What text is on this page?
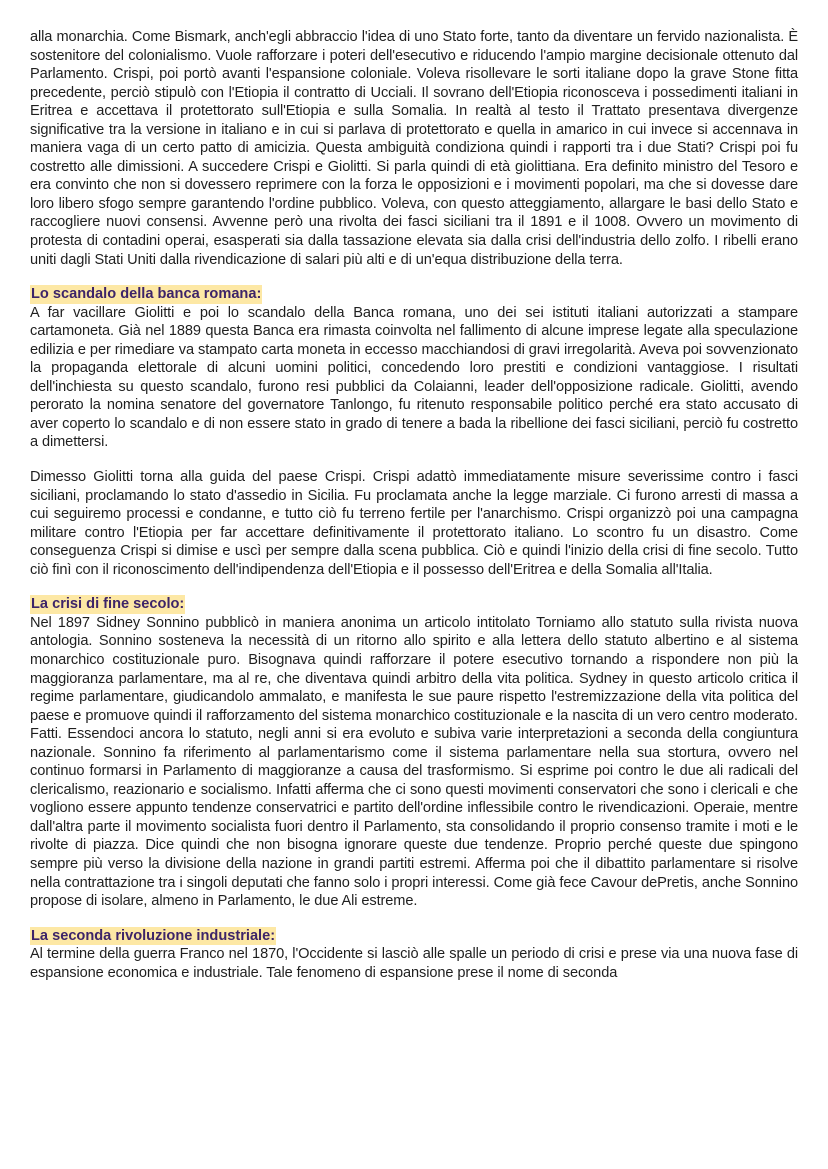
alla monarchia. Come Bismark, anch'egli abbraccio l'idea di uno Stato forte, tanto da diventare un fervido nazionalista. È sostenitore del colonialismo. Vuole rafforzare i poteri dell'esecutivo e riducendo l'ampio margine decisionale ottenuto dal Parlamento. Crispi, poi portò avanti l'espansione coloniale. Voleva risollevare le sorti italiane dopo la grave Stone fitta precedente, perciò stipulò con l'Etiopia il contratto di Ucciali. Il sovrano dell'Etiopia riconosceva i possedimenti italiani in Eritrea e accettava il protettorato sull'Etiopia e sulla Somalia. In realtà al testo il Trattato presentava divergenze significative tra la versione in italiano e in cui si parlava di protettorato e quella in amarico in cui invece si accennava in maniera vaga di un certo patto di amicizia. Questa ambiguità condiziona quindi i rapporti tra i due Stati? Crispi poi fu costretto alle dimissioni. A succedere Crispi e Giolitti. Si parla quindi di età giolittiana. Era definito ministro del Tesoro e era convinto che non si dovessero reprimere con la forza le opposizioni e i movimenti popolari, ma che si dovesse dare loro libero sfogo sempre garantendo l'ordine pubblico. Voleva, con questo atteggiamento, allargare le basi dello Stato e raccogliere nuovi consensi. Avvenne però una rivolta dei fasci siciliani tra il 1891 e il 1008. Ovvero un movimento di protesta di contadini operai, esasperati sia dalla tassazione elevata sia dalla crisi dell'industria dello zolfo. I ribelli erano uniti dagli Stati Uniti dalla rivendicazione di salari più alti e di un'equa distribuzione della terra.

Lo scandalo della banca romana:

A far vacillare Giolitti e poi lo scandalo della Banca romana, uno dei sei istituti italiani autorizzati a stampare cartamoneta. Già nel 1889 questa Banca era rimasta coinvolta nel fallimento di alcune imprese legate alla speculazione edilizia e per rimediare va stampato carta moneta in eccesso macchiandosi di gravi irregolarità. Aveva poi sovvenzionato la propaganda elettorale di alcuni uomini politici, concedendo loro prestiti e condizioni vantaggiose. I risultati dell'inchiesta su questo scandalo, furono resi pubblici da Colaianni, leader dell'opposizione radicale. Giolitti, avendo perorato la nomina senatore del governatore Tanlongo, fu ritenuto responsabile politico perché era stato accusato di aver coperto lo scandalo e di non essere stato in grado di tenere a bada la ribellione dei fasci siciliani, perciò fu costretto a dimettersi.

Dimesso Giolitti torna alla guida del paese Crispi. Crispi adattò immediatamente misure severissime contro i fasci siciliani, proclamando lo stato d'assedio in Sicilia. Fu proclamata anche la legge marziale. Ci furono arresti di massa a cui seguiremo processi e condanne, e tutto ciò fu terreno fertile per l'anarchismo. Crispi organizzò poi una campagna militare contro l'Etiopia per far accettare definitivamente il protettorato italiano. Lo scontro fu un disastro. Come conseguenza Crispi si dimise e uscì per sempre dalla scena pubblica. Ciò e quindi l'inizio della crisi di fine secolo. Tutto ciò finì con il riconoscimento dell'indipendenza dell'Etiopia e il possesso dell'Eritrea e della Somalia all'Italia.

La crisi di fine secolo:

Nel 1897 Sidney Sonnino pubblicò in maniera anonima un articolo intitolato Torniamo allo statuto sulla rivista nuova antologia. Sonnino sosteneva la necessità di un ritorno allo spirito e alla lettera dello statuto albertino e al sistema monarchico costituzionale puro. Bisognava quindi rafforzare il potere esecutivo tornando a rispondere non più la maggioranza parlamentare, ma al re, che diventava quindi arbitro della vita politica. Sydney in questo articolo critica il regime parlamentare, giudicandolo ammalato, e manifesta le sue paure rispetto l'estremizzazione della vita politica del paese e promuove quindi il rafforzamento del sistema monarchico costituzionale e la nascita di un vero centro moderato. Fatti. Essendoci ancora lo statuto, negli anni si era evoluto e subiva varie interpretazioni a seconda della congiuntura nazionale. Sonnino fa riferimento al parlamentarismo come il sistema parlamentare nella sua stortura, ovvero nel continuo formarsi in Parlamento di maggioranze a causa del trasformismo. Si esprime poi contro le due ali radicali del clericalismo, reazionario e socialismo. Infatti afferma che ci sono questi movimenti conservatori che sono i clericali e che vogliono essere appunto tendenze conservatrici e partito dell'ordine inflessibile contro le rivendicazioni. Operaie, mentre dall'altra parte il movimento socialista fuori dentro il Parlamento, sta consolidando il proprio consenso tramite i moti e le rivolte di piazza. Dice quindi che non bisogna ignorare queste due tendenze. Proprio perché queste due spingono sempre più verso la divisione della nazione in grandi partiti estremi. Afferma poi che il dibattito parlamentare si risolve nella contrattazione tra i singoli deputati che fanno solo i propri interessi. Come già fece Cavour dePretis, anche Sonnino propose di isolare, almeno in Parlamento, le due Ali estreme.

La seconda rivoluzione industriale:

Al termine della guerra Franco nel 1870, l'Occidente si lasciò alle spalle un periodo di crisi e prese via una nuova fase di espansione economica e industriale. Tale fenomeno di espansione prese il nome di seconda
